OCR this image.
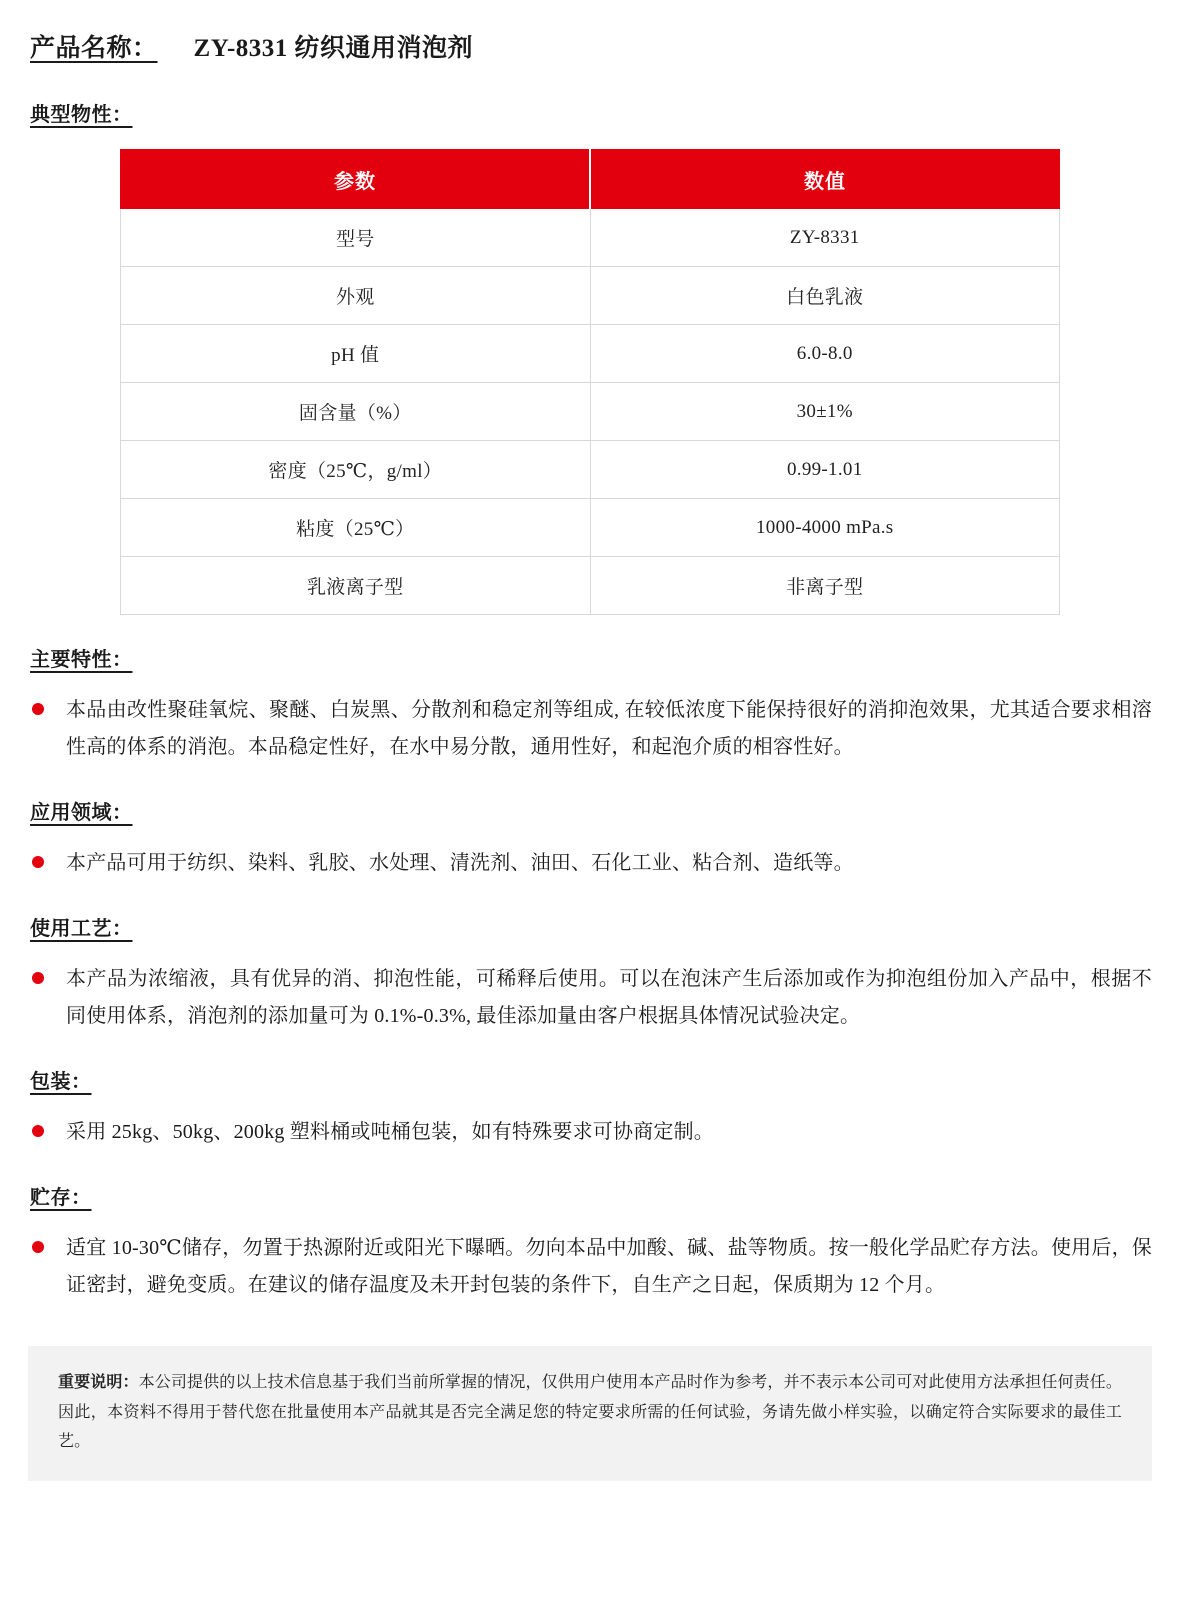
产品名称： ZY-8331 纺织通用消泡剂
典型物性：
参数	数值
型号	ZY-8331
外观	白色乳液
pH 值	6.0-8.0
固含量（%）	30±1%
密度（25℃，g/ml）	0.99-1.01
粘度（25℃）	1000-4000 mPa.s
乳液离子型	非离子型
主要特性：
本品由改性聚硅氧烷、聚醚、白炭黑、分散剂和稳定剂等组成, 在较低浓度下能保持很好的消抑泡效果，尤其适合要求相溶性高的体系的消泡。本品稳定性好，在水中易分散，通用性好，和起泡介质的相容性好。
应用领域：
本产品可用于纺织、染料、乳胶、水处理、清洗剂、油田、石化工业、粘合剂、造纸等。
使用工艺：
本产品为浓缩液，具有优异的消、抑泡性能，可稀释后使用。可以在泡沫产生后添加或作为抑泡组份加入产品中，根据不同使用体系，消泡剂的添加量可为 0.1%-0.3%, 最佳添加量由客户根据具体情况试验决定。
包装：
采用 25kg、50kg、200kg 塑料桶或吨桶包装，如有特殊要求可协商定制。
贮存：
适宜 10-30℃储存，勿置于热源附近或阳光下曝晒。勿向本品中加酸、碱、盐等物质。按一般化学品贮存方法。使用后，保证密封，避免变质。在建议的储存温度及未开封包装的条件下，自生产之日起，保质期为 12 个月。
重要说明：本公司提供的以上技术信息基于我们当前所掌握的情况，仅供用户使用本产品时作为参考，并不表示本公司可对此使用方法承担任何责任。因此，本资料不得用于替代您在批量使用本产品就其是否完全满足您的特定要求所需的任何试验，务请先做小样实验，以确定符合实际要求的最佳工艺。
